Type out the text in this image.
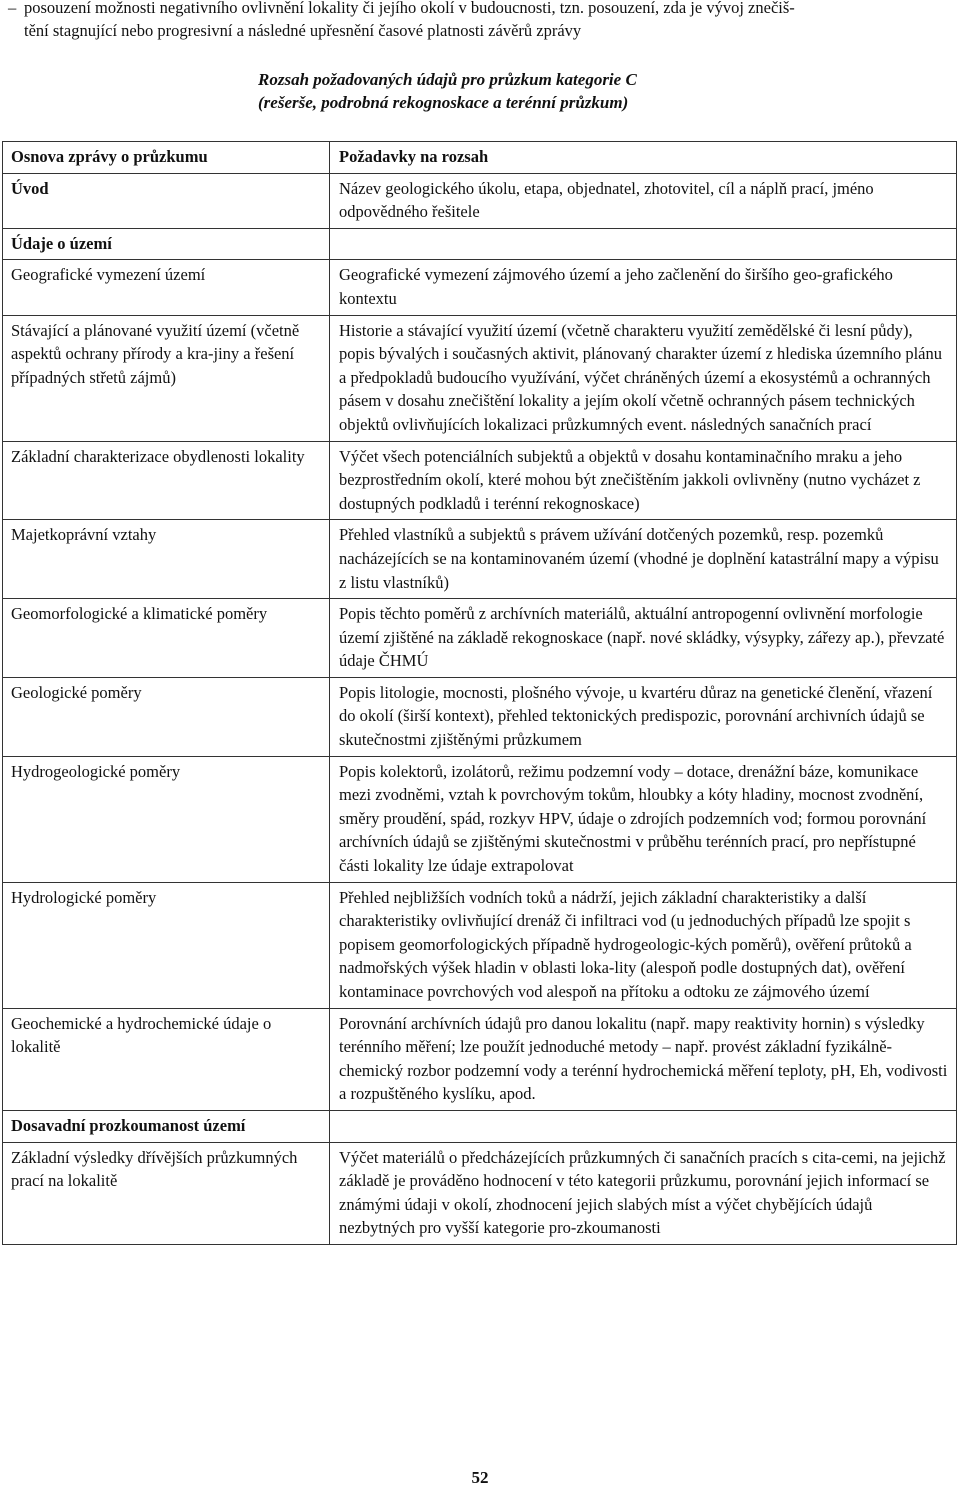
– posouzení možnosti negativního ovlivnění lokality či jejího okolí v budoucnosti, tzn. posouzení, zda je vývoj znečiš-
tění stagnující nebo progresivní a následné upřesnění časové platnosti závěrů zprávy
Rozsah požadovaných údajů pro průzkum kategorie C
(rešerše, podrobná rekognoskace a terénní průzkum)
Osnova zprávy o průzkumu	Požadavky na rozsah
Úvod	Název geologického úkolu, etapa, objednatel, zhotovitel, cíl a náplň prací, jméno odpovědného řešitele
Údaje o území	
Geografické vymezení území	Geografické vymezení zájmového území a jeho začlenění do širšího geo-grafického kontextu
Stávající a plánované využití území (včetně aspektů ochrany přírody a kra-jiny a řešení případných střetů zájmů)	Historie a stávající využití území (včetně charakteru využití zemědělské či lesní půdy), popis bývalých i současných aktivit, plánovaný charakter území z hlediska územního plánu a předpokladů budoucího využívání, výčet chráněných území a ekosystémů a ochranných pásem v dosahu znečištění lokality a jejím okolí včetně ochranných pásem technických objektů ovlivňujících lokalizaci průzkumných event. následných sanačních prací
Základní charakterizace obydlenosti lokality	Výčet všech potenciálních subjektů a objektů v dosahu kontaminačního mraku a jeho bezprostředním okolí, které mohou být znečištěním jakkoli ovlivněny (nutno vycházet z dostupných podkladů i terénní rekognoskace)
Majetkoprávní vztahy	Přehled vlastníků a subjektů s právem užívání dotčených pozemků, resp. pozemků nacházejících se na kontaminovaném území (vhodné je doplnění katastrální mapy a výpisu z listu vlastníků)
Geomorfologické a klimatické poměry	Popis těchto poměrů z archívních materiálů, aktuální antropogenní ovlivnění morfologie území zjištěné na základě rekognoskace (např. nové skládky, výsypky, zářezy ap.), převzaté údaje ČHMÚ
Geologické poměry	Popis litologie, mocnosti, plošného vývoje, u kvartéru důraz na genetické členění, vřazení do okolí (širší kontext), přehled tektonických predispozic, porovnání archivních údajů se skutečnostmi zjištěnými průzkumem
Hydrogeologické poměry	Popis kolektorů, izolátorů, režimu podzemní vody – dotace, drenážní báze, komunikace mezi zvodněmi, vztah k povrchovým tokům, hloubky a kóty hladiny, mocnost zvodnění, směry proudění, spád, rozkyv HPV, údaje o zdrojích podzemních vod; formou porovnání archívních údajů se zjištěnými skutečnostmi v průběhu terénních prací, pro nepřístupné části lokality lze údaje extrapolovat
Hydrologické poměry	Přehled nejbližších vodních toků a nádrží, jejich základní charakteristiky a další charakteristiky ovlivňující drenáž či infiltraci vod (u jednoduchých případů lze spojit s popisem geomorfologických případně hydrogeologic-kých poměrů), ověření průtoků a nadmořských výšek hladin v oblasti loka-lity (alespoň podle dostupných dat), ověření kontaminace povrchových vod alespoň na přítoku a odtoku ze zájmového území
Geochemické a hydrochemické údaje o lokalitě	Porovnání archívních údajů pro danou lokalitu (např. mapy reaktivity hornin) s výsledky terénního měření; lze použít jednoduché metody – např. provést základní fyzikálně-chemický rozbor podzemní vody a terénní hydrochemická měření teploty, pH, Eh, vodivosti a rozpuštěného kyslíku, apod.
Dosavadní prozkoumanost území	
Základní výsledky dřívějších průzkumných prací na lokalitě	Výčet materiálů o předcházejících průzkumných či sanačních pracích s cita-cemi, na jejichž základě je prováděno hodnocení v této kategorii průzkumu, porovnání jejich informací se známými údaji v okolí, zhodnocení jejich slabých míst a výčet chybějících údajů nezbytných pro vyšší kategorie pro-zkoumanosti
52
